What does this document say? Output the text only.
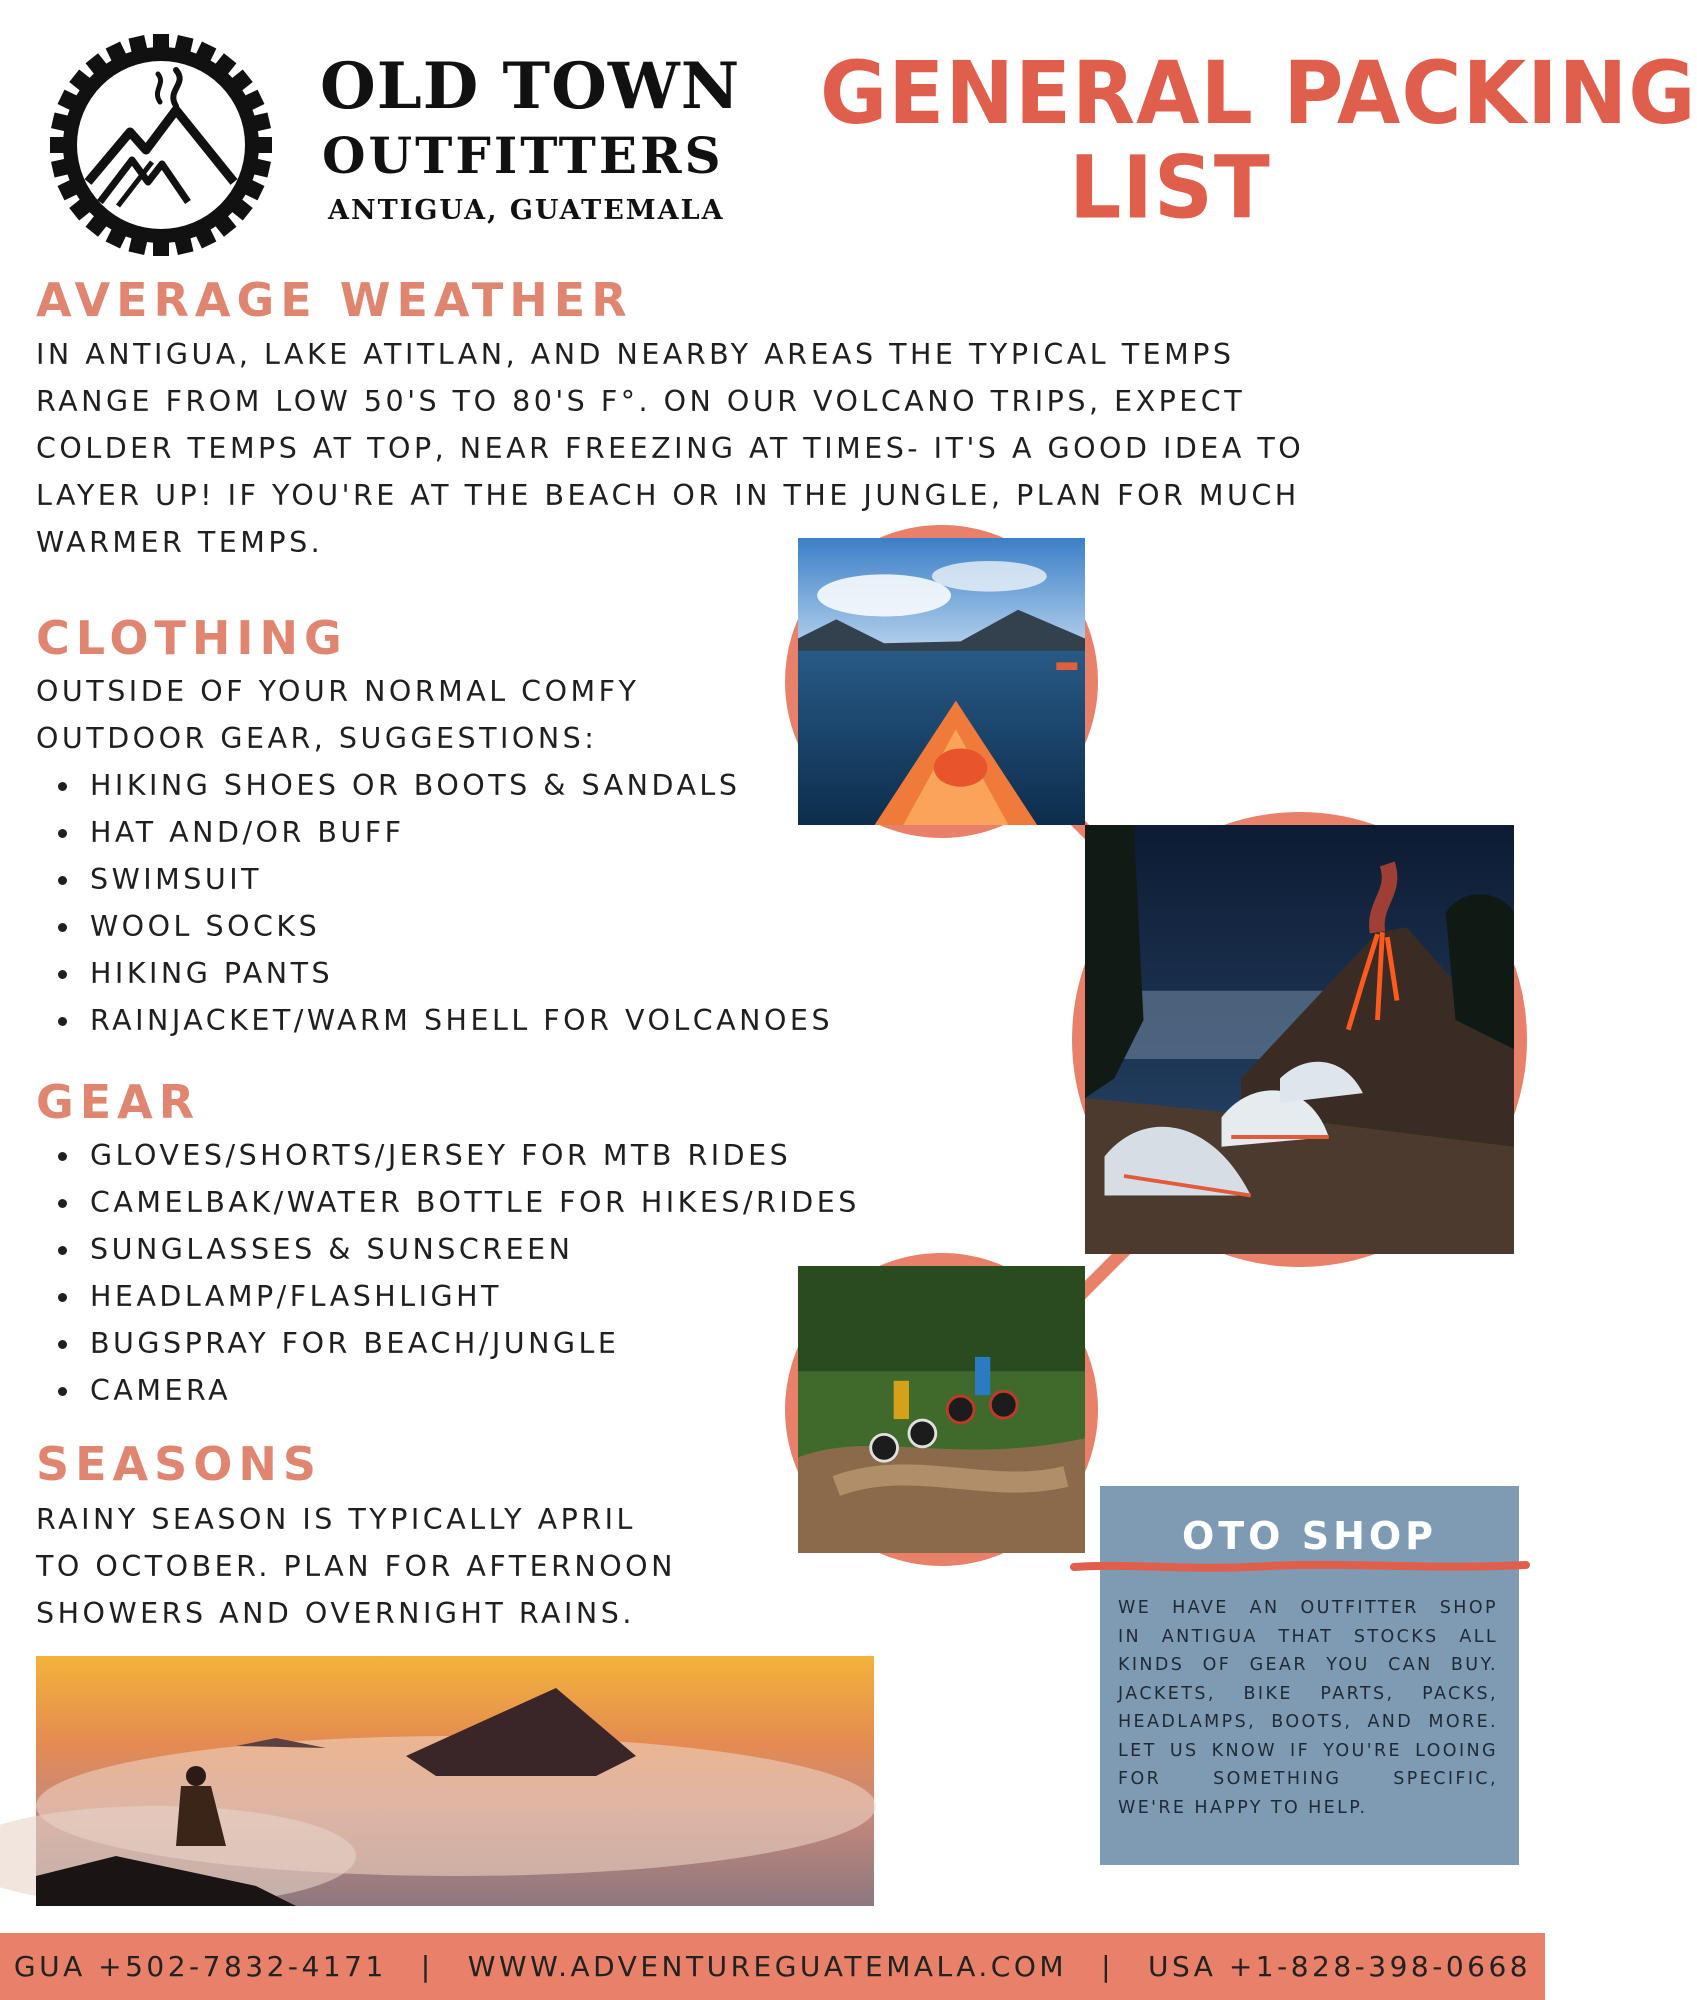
OLD TOWN
OUTFITTERS
ANTIGUA, GUATEMALA
GENERAL PACKING
LIST
AVERAGE WEATHER
IN ANTIGUA, LAKE ATITLAN, AND NEARBY AREAS THE TYPICAL TEMPS
RANGE FROM LOW 50'S TO 80'S F°. ON OUR VOLCANO TRIPS, EXPECT
COLDER TEMPS AT TOP, NEAR FREEZING AT TIMES- IT'S A GOOD IDEA TO
LAYER UP! IF YOU'RE AT THE BEACH OR IN THE JUNGLE, PLAN FOR MUCH
WARMER TEMPS.
CLOTHING
OUTSIDE OF YOUR NORMAL COMFY
OUTDOOR GEAR, SUGGESTIONS:
HIKING SHOES OR BOOTS & SANDALS
HAT AND/OR BUFF
SWIMSUIT
WOOL SOCKS
HIKING PANTS
RAINJACKET/WARM SHELL FOR VOLCANOES
GEAR
GLOVES/SHORTS/JERSEY FOR MTB RIDES
CAMELBAK/WATER BOTTLE FOR HIKES/RIDES
SUNGLASSES & SUNSCREEN
HEADLAMP/FLASHLIGHT
BUGSPRAY FOR BEACH/JUNGLE
CAMERA
SEASONS
RAINY SEASON IS TYPICALLY APRIL
TO OCTOBER. PLAN FOR AFTERNOON
SHOWERS AND OVERNIGHT RAINS.
OTO SHOP
WE HAVE AN OUTFITTER SHOP
IN ANTIGUA THAT STOCKS ALL
KINDS OF GEAR YOU CAN BUY.
JACKETS, BIKE PARTS, PACKS,
HEADLAMPS, BOOTS, AND MORE.
LET US KNOW IF YOU'RE LOOING
FOR SOMETHING SPECIFIC,
WE'RE HAPPY TO HELP.
GUA +502-7832-4171 | WWW.ADVENTUREGUATEMALA.COM | USA +1-828-398-0668
